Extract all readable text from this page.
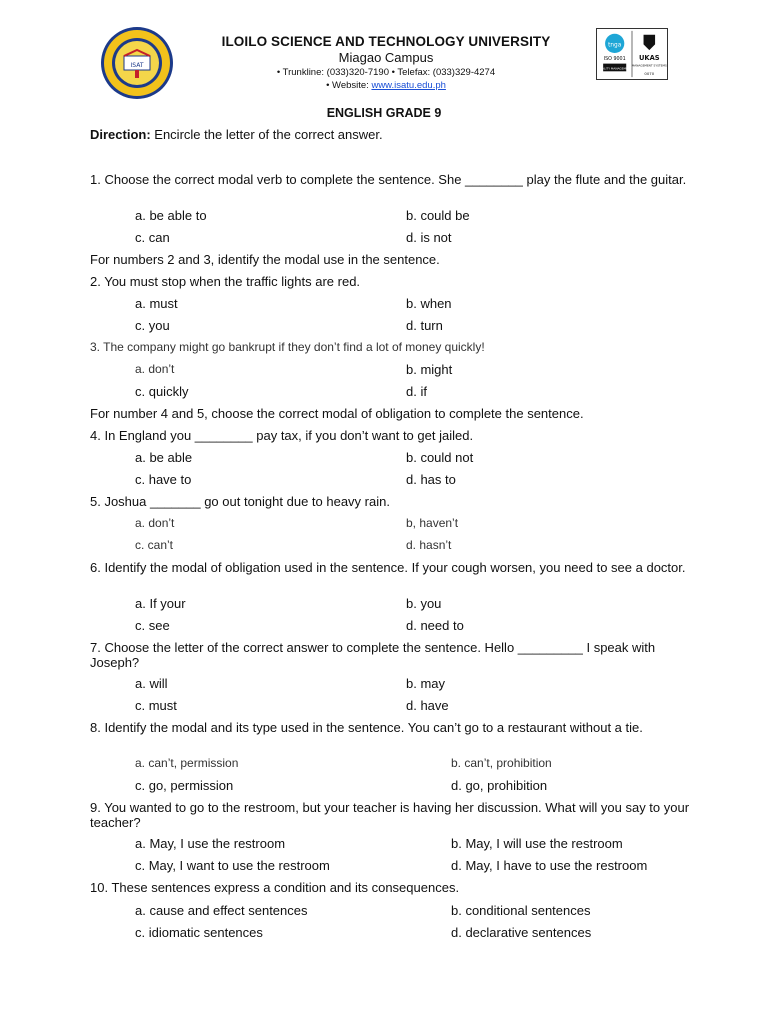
ISAT
ILOILO SCIENCE AND TECHNOLOGY UNIVERSITY
Miagao Campus
• Trunkline: (033)320-7190 • Telefax: (033)329-4274
• Website: www.isatu.edu.ph
tnga
ISO 9001
QUALITY MANAGEMENT
UKAS
MANAGEMENT SYSTEMS
0070
ENGLISH GRADE 9
Direction: Encircle the letter of the correct answer.
1. Choose the correct modal verb to complete the sentence. She ________ play the flute and the guitar.
a. be able to	b. could be
c. can	d. is not
For numbers 2 and 3, identify the modal use in the sentence.
2. You must stop when the traffic lights are red.
a. must	b. when
c. you	d. turn
3. The company might go bankrupt if they don’t find a lot of money quickly!
a. don’t	b. might
c. quickly	d. if
For number 4 and 5, choose the correct modal of obligation to complete the sentence.
4. In England you ________ pay tax, if you don’t want to get jailed.
a. be able	b. could not
c. have to	d. has to
5. Joshua _______ go out tonight due to heavy rain.
a. don’t	b, haven’t
c. can’t	d. hasn’t
6. Identify the modal of obligation used in the sentence. If your cough worsen, you need to see a doctor.
a. If your	b. you
c. see	d. need to
7. Choose the letter of the correct answer to complete the sentence. Hello _________ I speak with Joseph?
a. will	b. may
c. must	d. have
8. Identify the modal and its type used in the sentence. You can’t go to a restaurant without a tie.
a. can’t, permission	b. can’t, prohibition
c. go, permission	d. go, prohibition
9. You wanted to go to the restroom, but your teacher is having her discussion. What will you say to your teacher?
a. May, I use the restroom	b. May, I will use the restroom
c. May, I want to use the restroom	d. May, I have to use the restroom
10. These sentences express a condition and its consequences.
a. cause and effect sentences	b. conditional sentences
c. idiomatic sentences	d. declarative sentences
